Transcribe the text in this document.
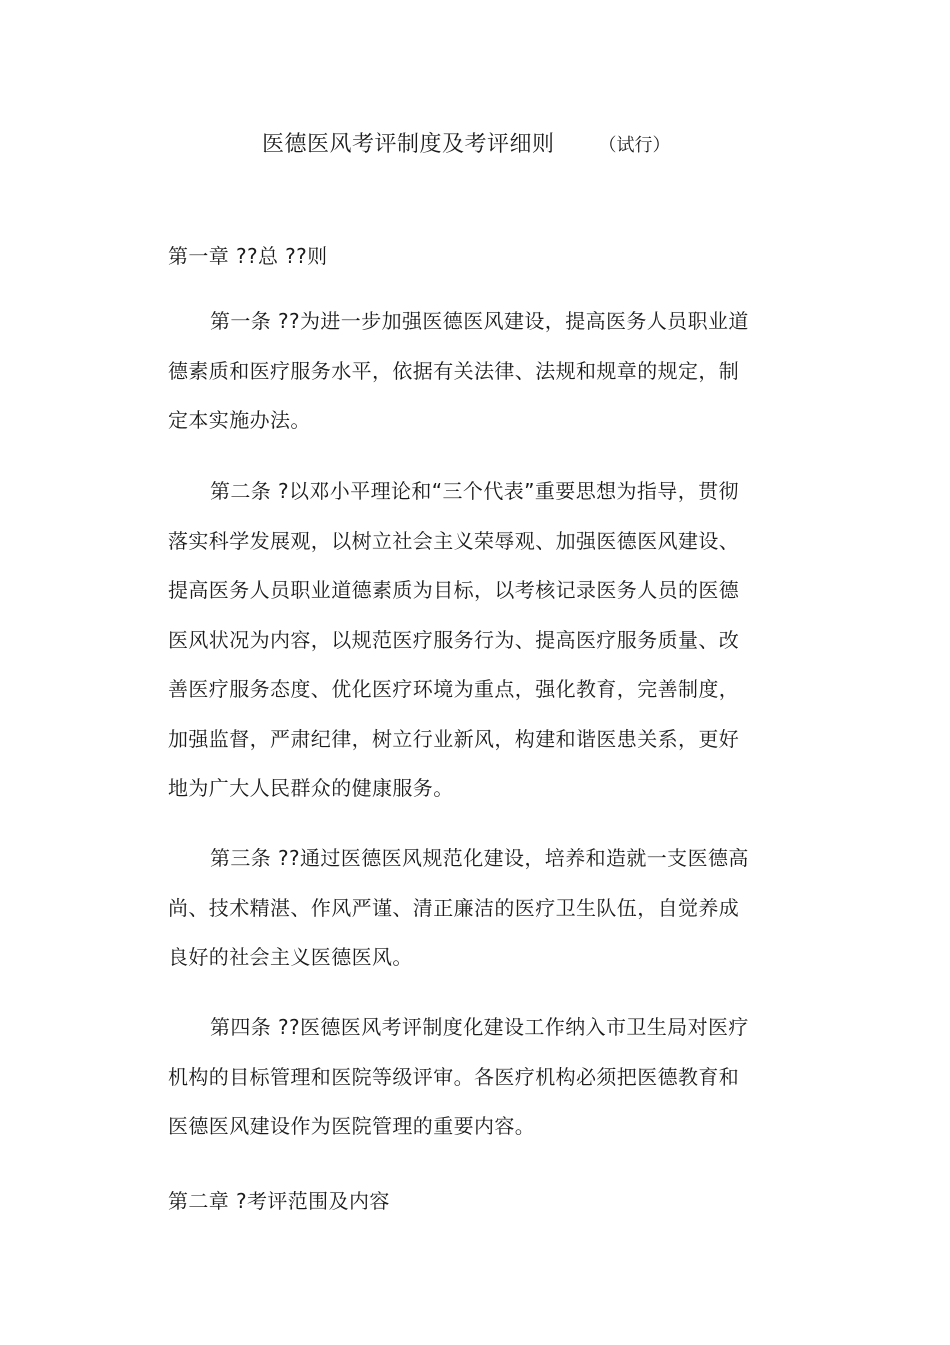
医德医风考评制度及考评细则 （试行）
第一章 ??总 ??则
第一条 ??为进一步加强医德医风建设，提高医务人员职业道
德素质和医疗服务水平，依据有关法律、法规和规章的规定，制
定本实施办法。
第二条 ?以邓小平理论和“三个代表”重要思想为指导，贯彻
落实科学发展观，以树立社会主义荣辱观、加强医德医风建设、
提高医务人员职业道德素质为目标，以考核记录医务人员的医德
医风状况为内容，以规范医疗服务行为、提高医疗服务质量、改
善医疗服务态度、优化医疗环境为重点，强化教育，完善制度，
加强监督，严肃纪律，树立行业新风，构建和谐医患关系，更好
地为广大人民群众的健康服务。
第三条 ??通过医德医风规范化建设，培养和造就一支医德高
尚、技术精湛、作风严谨、清正廉洁的医疗卫生队伍，自觉养成
良好的社会主义医德医风。
第四条 ??医德医风考评制度化建设工作纳入市卫生局对医疗
机构的目标管理和医院等级评审。各医疗机构必须把医德教育和
医德医风建设作为医院管理的重要内容。
第二章 ?考评范围及内容
